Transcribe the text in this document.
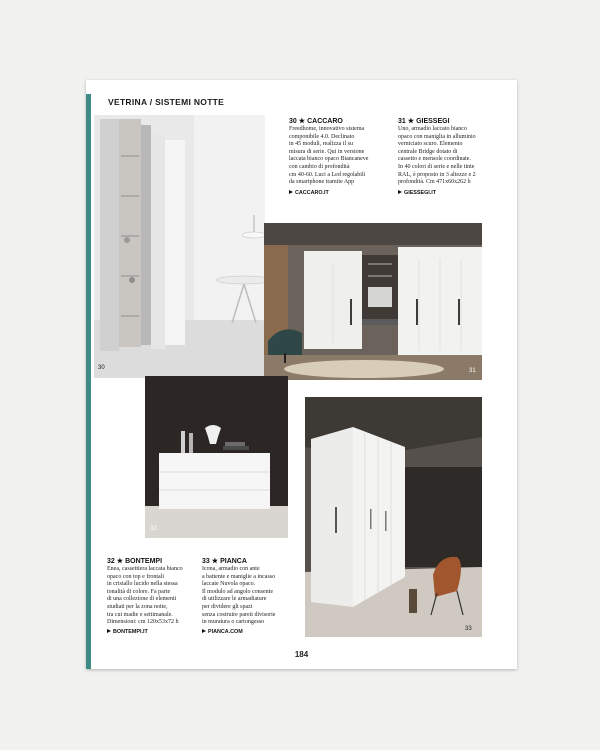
VETRINA / SISTEMI NOTTE
30	31
32
33
30 ★ CACCARO
Freedhome, innovativo sistema
componibile 4.0. Declinato
in 45 moduli, realizza il su
misura di serie. Qui in versione
laccata bianco opaco Biancaneve
con cambio di profondità
cm 40-60. Luci a Led regolabili
da smartphone tramite App
CACCARO.IT
31 ★ GIESSEGI
Uno, armadio laccato bianco
opaco con maniglia in alluminio
verniciato scuro. Elemento
centrale Bridge dotato di
cassetto e mensole coordinate.
In 40 colori di serie e nelle tinte
RAL, è proposto in 3 altezze e 2
profondità. Cm 471x60x262 h
GIESSEGI.IT
32 ★ BONTEMPI
Enea, cassettiera laccata bianco
opaco con top e frontali
in cristallo lucido nella stessa
tonalità di colore. Fa parte
di una collezione di elementi
studiati per la zona notte,
tra cui madie e settimanale.
Dimensioni: cm 120x53x72 h
BONTEMPI.IT
33 ★ PIANCA
Icona, armadio con ante
a battente e maniglie a incasso
laccate Nuvola opaco.
Il modulo ad angolo consente
di utilizzare le armadiature
per dividere gli spazi
senza costruire pareti divisorie
in muratura o cartongesso
PIANCA.COM
184
